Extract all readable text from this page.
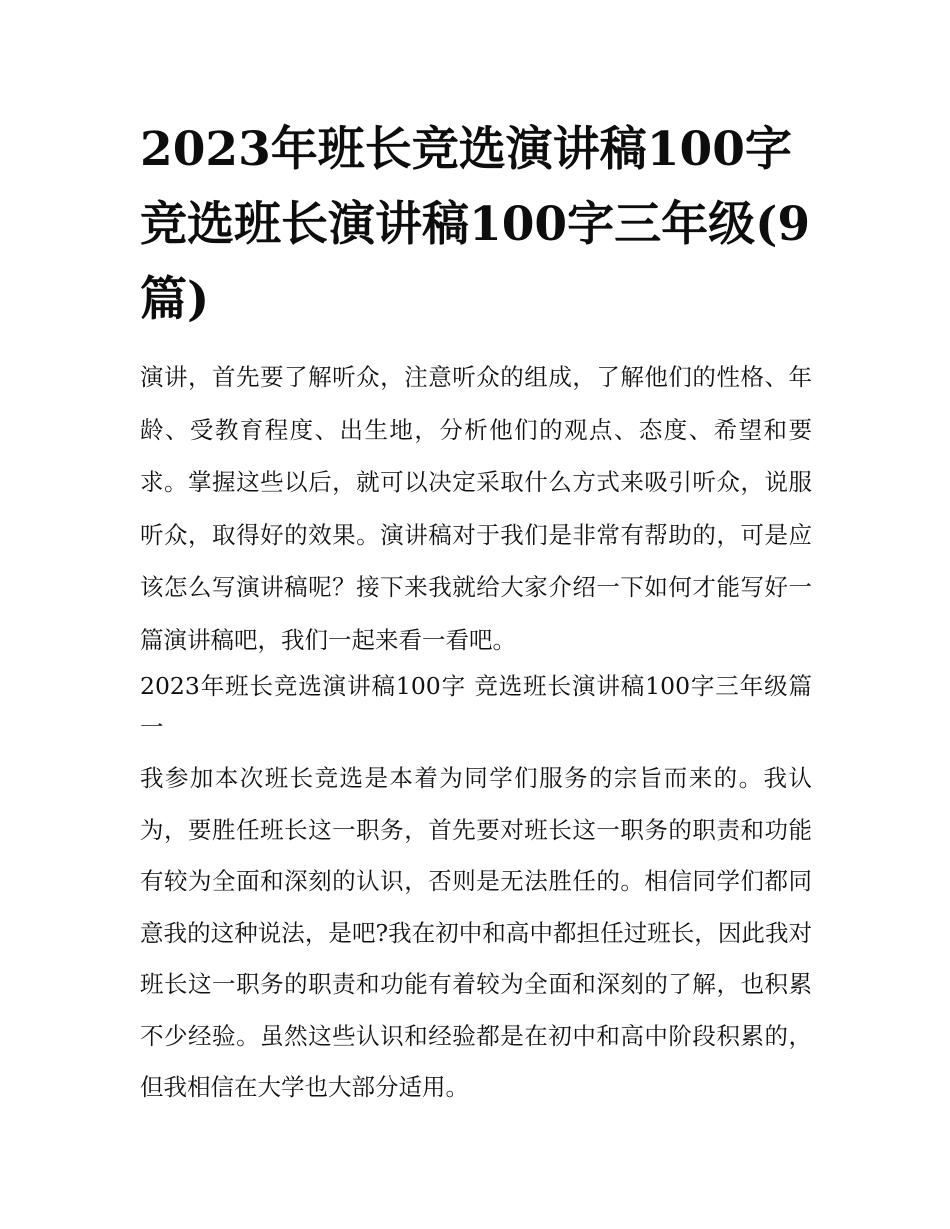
2023年班长竞选演讲稿100字 竞选班长演讲稿100字三年级(9篇)

演讲，首先要了解听众，注意听众的组成，了解他们的性格、年龄、受教育程度、出生地，分析他们的观点、态度、希望和要求。掌握这些以后，就可以决定采取什么方式来吸引听众，说服听众，取得好的效果。演讲稿对于我们是非常有帮助的，可是应该怎么写演讲稿呢？接下来我就给大家介绍一下如何才能写好一篇演讲稿吧，我们一起来看一看吧。

2023年班长竞选演讲稿100字 竞选班长演讲稿100字三年级篇一

我参加本次班长竞选是本着为同学们服务的宗旨而来的。我认为，要胜任班长这一职务，首先要对班长这一职务的职责和功能有较为全面和深刻的认识，否则是无法胜任的。相信同学们都同意我的这种说法，是吧?我在初中和高中都担任过班长，因此我对班长这一职务的职责和功能有着较为全面和深刻的了解，也积累不少经验。虽然这些认识和经验都是在初中和高中阶段积累的，但我相信在大学也大部分适用。
